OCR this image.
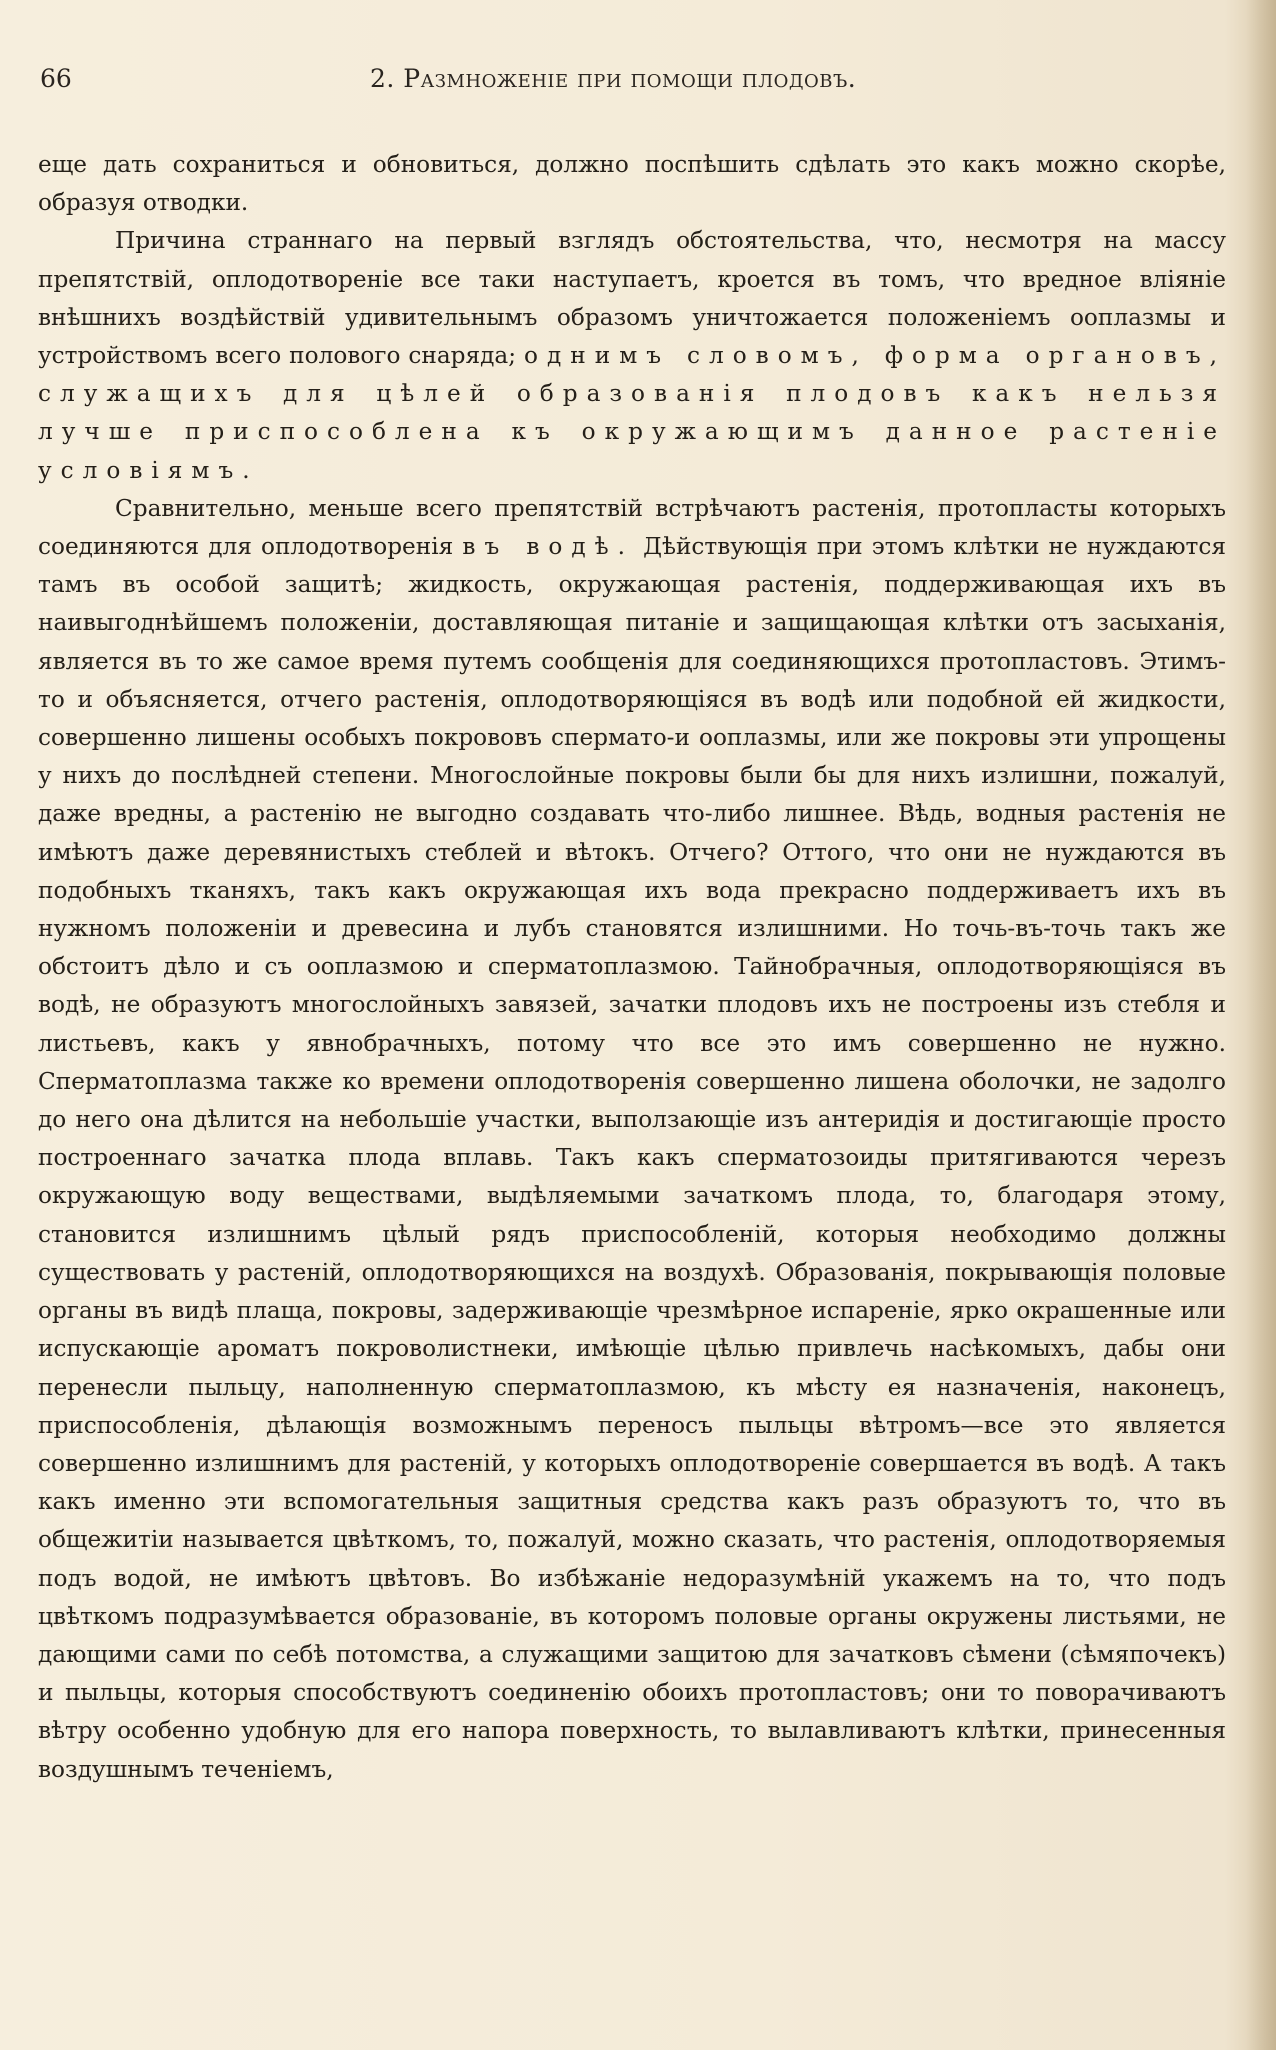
66	2. Размноженіе при помощи плодовъ.

еще дать сохраниться и обновиться, должно поспѣшить сдѣлать это какъ можно скорѣе, образуя отводки.

Причина страннаго на первый взглядъ обстоятельства, что, несмотря на массу препятствій, оплодотвореніе все таки наступаетъ, кроется въ томъ, что вредное вліяніе внѣшнихъ воздѣйствій удивительнымъ образомъ уничтожается положеніемъ ооплазмы и устройствомъ всего полового снаряда; однимъ словомъ, форма органовъ, служащихъ для цѣлей образованія плодовъ какъ нельзя лучше приспособлена къ окружающимъ данное растеніе условіямъ.

Сравнительно, меньше всего препятствій встрѣчаютъ растенія, протопласты которыхъ соединяются для оплодотворенія въ водѣ. Дѣйствующія при этомъ клѣтки не нуждаются тамъ въ особой защитѣ; жидкость, окружающая растенія, поддерживающая ихъ въ наивыгоднѣйшемъ положеніи, доставляющая питаніе и защищающая клѣтки отъ засыханія, является въ то же самое время путемъ сообщенія для соединяющихся протопластовъ. Этимъ-то и объясняется, отчего растенія, оплодотворяющіяся въ водѣ или подобной ей жидкости, совершенно лишены особыхъ покрововъ спермато-и ооплазмы, или же покровы эти упрощены у нихъ до послѣдней степени. Многослойные покровы были бы для нихъ излишни, пожалуй, даже вредны, а растенію не выгодно создавать что-либо лишнее. Вѣдь, водныя растенія не имѣютъ даже деревянистыхъ стеблей и вѣтокъ. Отчего? Оттого, что они не нуждаются въ подобныхъ тканяхъ, такъ какъ окружающая ихъ вода прекрасно поддерживаетъ ихъ въ нужномъ положеніи и древесина и лубъ становятся излишними. Но точь-въ-точь такъ же обстоитъ дѣло и съ ооплазмою и сперматоплазмою. Тайнобрачныя, оплодотворяющіяся въ водѣ, не образуютъ многослойныхъ завязей, зачатки плодовъ ихъ не построены изъ стебля и листьевъ, какъ у явнобрачныхъ, потому что все это имъ совершенно не нужно. Сперматоплазма также ко времени оплодотворенія совершенно лишена оболочки, не задолго до него она дѣлится на небольшіе участки, выползающіе изъ антеридія и достигающіе просто построеннаго зачатка плода вплавь. Такъ какъ сперматозоиды притягиваются черезъ окружающую воду веществами, выдѣляемыми зачаткомъ плода, то, благодаря этому, становится излишнимъ цѣлый рядъ приспособленій, которыя необходимо должны существовать у растеній, оплодотворяющихся на воздухѣ. Образованія, покрывающія половые органы въ видѣ плаща, покровы, задерживающіе чрезмѣрное испареніе, ярко окрашенные или испускающіе ароматъ покроволистнеки, имѣющіе цѣлью привлечь насѣкомыхъ, дабы они перенесли пыльцу, наполненную сперматоплазмою, къ мѣсту ея назначенія, наконецъ, приспособленія, дѣлающія возможнымъ переносъ пыльцы вѣтромъ—все это является совершенно излишнимъ для растеній, у которыхъ оплодотвореніе совершается въ водѣ. А такъ какъ именно эти вспомогательныя защитныя средства какъ разъ образуютъ то, что въ общежитіи называется цвѣткомъ, то, пожалуй, можно сказать, что растенія, оплодотворяемыя подъ водой, не имѣютъ цвѣтовъ. Во избѣжаніе недоразумѣній укажемъ на то, что подъ цвѣткомъ подразумѣвается образованіе, въ которомъ половые органы окружены листьями, не дающими сами по себѣ потомства, а служащими защитою для зачатковъ сѣмени (сѣмяпочекъ) и пыльцы, которыя способствуютъ соединенію обоихъ протопластовъ; они то поворачиваютъ вѣтру особенно удобную для его напора поверхность, то вылавливаютъ клѣтки, принесенныя воздушнымъ теченіемъ,
